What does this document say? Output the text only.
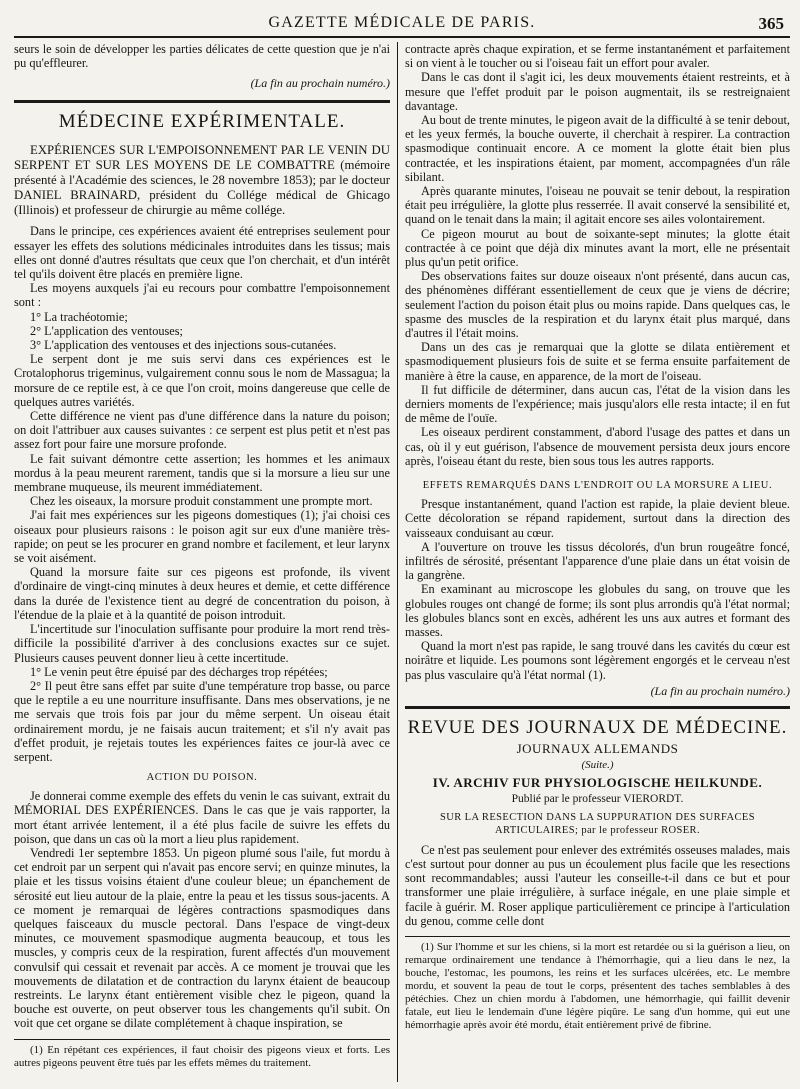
GAZETTE MÉDICALE DE PARIS.	365

seurs le soin de développer les parties délicates de cette question que je n'ai pu qu'effleurer.

(La fin au prochain numéro.)
MÉDECINE EXPÉRIMENTALE.
EXPÉRIENCES SUR L'EMPOISONNEMENT PAR LE VENIN DU SERPENT ET SUR LES MOYENS DE LE COMBATTRE (mémoire présenté à l'Académie des sciences, le 28 novembre 1853); par le docteur DANIEL BRAINARD, président du Collége médical de Ghicago (Illinois) et professeur de chirurgie au même collége.

Dans le principe, ces expériences avaient été entreprises seulement pour essayer les effets des solutions médicinales introduites dans les tissus; mais elles ont donné d'autres résultats que ceux que l'on cherchait, et d'un intérêt tel qu'ils doivent être placés en première ligne.

Les moyens auxquels j'ai eu recours pour combattre l'empoisonnement sont :

1° La trachéotomie;

2° L'application des ventouses;

3° L'application des ventouses et des injections sous-cutanées.

Le serpent dont je me suis servi dans ces expériences est le Crotalophorus trigeminus, vulgairement connu sous le nom de Massagua; la morsure de ce reptile est, à ce que l'on croit, moins dangereuse que celle de quelques autres variétés.

Cette différence ne vient pas d'une différence dans la nature du poison; on doit l'attribuer aux causes suivantes : ce serpent est plus petit et n'est pas assez fort pour faire une morsure profonde.

Le fait suivant démontre cette assertion; les hommes et les animaux mordus à la peau meurent rarement, tandis que si la morsure a lieu sur une membrane muqueuse, ils meurent immédiatement.

Chez les oiseaux, la morsure produit constamment une prompte mort.

J'ai fait mes expériences sur les pigeons domestiques (1); j'ai choisi ces oiseaux pour plusieurs raisons : le poison agit sur eux d'une manière très-rapide; on peut se les procurer en grand nombre et facilement, et leur larynx se voit aisément.

Quand la morsure faite sur ces pigeons est profonde, ils vivent d'ordinaire de vingt-cinq minutes à deux heures et demie, et cette différence dans la durée de l'existence tient au degré de concentration du poison, à l'étendue de la plaie et à la quantité de poison introduit.

L'incertitude sur l'inoculation suffisante pour produire la mort rend très-difficile la possibilité d'arriver à des conclusions exactes sur ce sujet. Plusieurs causes peuvent donner lieu à cette incertitude.

1° Le venin peut être épuisé par des décharges trop répétées;

2° Il peut être sans effet par suite d'une température trop basse, ou parce que le reptile a eu une nourriture insuffisante. Dans mes observations, je ne me servais que trois fois par jour du même serpent. Un oiseau était ordinairement mordu, je ne faisais aucun traitement; et s'il n'y avait pas d'effet produit, je rejetais toutes les expériences faites ce jour-là avec ce serpent.

ACTION DU POISON.

Je donnerai comme exemple des effets du venin le cas suivant, extrait du MÉMORIAL DES EXPÉRIENCES. Dans le cas que je vais rapporter, la mort étant arrivée lentement, il a été plus facile de suivre les effets du poison, que dans un cas où la mort a lieu plus rapidement.

Vendredi 1er septembre 1853. Un pigeon plumé sous l'aile, fut mordu à cet endroit par un serpent qui n'avait pas encore servi; en quinze minutes, la plaie et les tissus voisins étaient d'une couleur bleue; un épanchement de sérosité eut lieu autour de la plaie, entre la peau et les tissus sous-jacents. A ce moment je remarquai de légères contractions spasmodiques dans quelques faisceaux du muscle pectoral. Dans l'espace de vingt-deux minutes, ce mouvement spasmodique augmenta beaucoup, et tous les muscles, y compris ceux de la respiration, furent affectés d'un mouvement convulsif qui cessait et revenait par accès. A ce moment je trouvai que les mouvements de dilatation et de contraction du larynx étaient de beaucoup restreints. Le larynx étant entièrement visible chez le pigeon, quand la bouche est ouverte, on peut observer tous les changements qu'il subit. On voit que cet organe se dilate complétement à chaque inspiration, se

(1) En répétant ces expériences, il faut choisir des pigeons vieux et forts. Les autres pigeons peuvent être tués par les effets mêmes du traitement.

contracte après chaque expiration, et se ferme instantanément et parfaitement si on vient à le toucher ou si l'oiseau fait un effort pour avaler.

Dans le cas dont il s'agit ici, les deux mouvements étaient restreints, et à mesure que l'effet produit par le poison augmentait, ils se restreignaient davantage.

Au bout de trente minutes, le pigeon avait de la difficulté à se tenir debout, et les yeux fermés, la bouche ouverte, il cherchait à respirer. La contraction spasmodique continuait encore. A ce moment la glotte était bien plus contractée, et les inspirations étaient, par moment, accompagnées d'un râle sibilant.

Après quarante minutes, l'oiseau ne pouvait se tenir debout, la respiration était peu irrégulière, la glotte plus resserrée. Il avait conservé la sensibilité et, quand on le tenait dans la main; il agitait encore ses ailes volontairement.

Ce pigeon mourut au bout de soixante-sept minutes; la glotte était contractée à ce point que déjà dix minutes avant la mort, elle ne présentait plus qu'un petit orifice.

Des observations faites sur douze oiseaux n'ont présenté, dans aucun cas, des phénomènes différant essentiellement de ceux que je viens de décrire; seulement l'action du poison était plus ou moins rapide. Dans quelques cas, le spasme des muscles de la respiration et du larynx était plus marqué, dans d'autres il l'était moins.

Dans un des cas je remarquai que la glotte se dilata entièrement et spasmodiquement plusieurs fois de suite et se ferma ensuite parfaitement de manière à être la cause, en apparence, de la mort de l'oiseau.

Il fut difficile de déterminer, dans aucun cas, l'état de la vision dans les derniers moments de l'expérience; mais jusqu'alors elle resta intacte; il en fut de même de l'ouïe.

Les oiseaux perdirent constamment, d'abord l'usage des pattes et dans un cas, où il y eut guérison, l'absence de mouvement persista deux jours encore après, l'oiseau étant du reste, bien sous tous les autres rapports.

EFFETS REMARQUÉS DANS L'ENDROIT OU LA MORSURE A LIEU.

Presque instantanément, quand l'action est rapide, la plaie devient bleue. Cette décoloration se répand rapidement, surtout dans la direction des vaisseaux conduisant au cœur.

A l'ouverture on trouve les tissus décolorés, d'un brun rougeâtre foncé, infiltrés de sérosité, présentant l'apparence d'une plaie dans un état voisin de la gangrène.

En examinant au microscope les globules du sang, on trouve que les globules rouges ont changé de forme; ils sont plus arrondis qu'à l'état normal; les globules blancs sont en excès, adhérent les uns aux autres et formant des masses.

Quand la mort n'est pas rapide, le sang trouvé dans les cavités du cœur est noirâtre et liquide. Les poumons sont légèrement engorgés et le cerveau n'est pas plus vasculaire qu'à l'état normal (1).

(La fin au prochain numéro.)
REVUE DES JOURNAUX DE MÉDECINE.
JOURNAUX ALLEMANDS
(Suite.)
IV. ARCHIV FUR PHYSIOLOGISCHE HEILKUNDE.
Publié par le professeur VIERORDT.
SUR LA RESECTION DANS LA SUPPURATION DES SURFACES ARTICULAIRES; par le professeur ROSER.

Ce n'est pas seulement pour enlever des extrémités osseuses malades, mais c'est surtout pour donner au pus un écoulement plus facile que les resections sont recommandables; aussi l'auteur les conseille-t-il dans ce but et pour transformer une plaie irrégulière, à surface inégale, en une plaie simple et facile à guérir. M. Roser applique particulièrement ce principe à l'articulation du genou, comme celle dont

(1) Sur l'homme et sur les chiens, si la mort est retardée ou si la guérison a lieu, on remarque ordinairement une tendance à l'hémorrhagie, qui a lieu dans le nez, la bouche, l'estomac, les poumons, les reins et les surfaces ulcérées, etc. Le membre mordu, et souvent la peau de tout le corps, présentent des taches semblables à des pétéchies. Chez un chien mordu à l'abdomen, une hémorrhagie, qui faillit devenir fatale, eut lieu le lendemain d'une légère piqûre. Le sang d'un homme, qui eut une hémorrhagie après avoir été mordu, était entièrement privé de fibrine.
